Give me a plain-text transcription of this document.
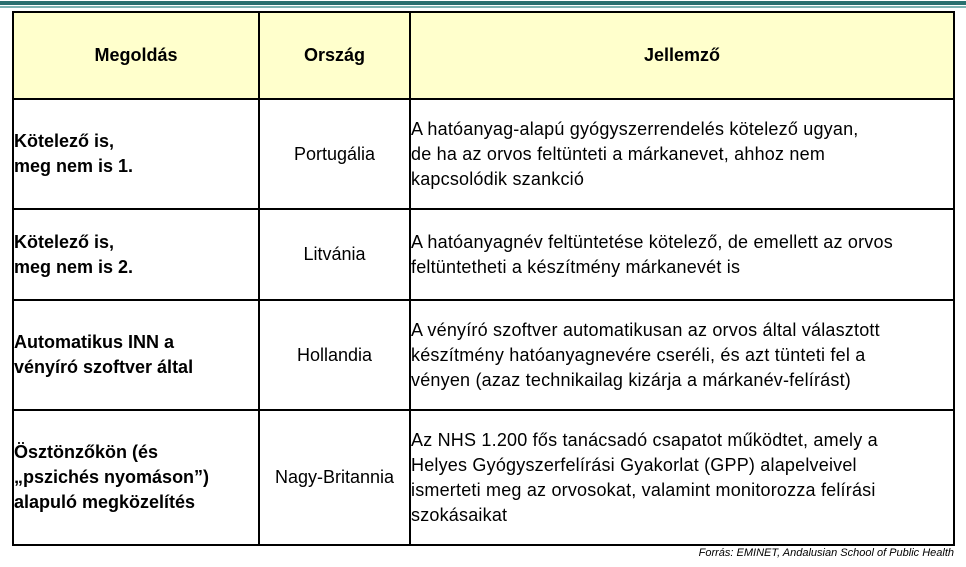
Megoldás	Ország	Jellemző

Kötelező is,
meg nem is 1.	Portugália	A hatóanyag-alapú gyógyszerrendelés kötelező ugyan,
de ha az orvos feltünteti a márkanevet, ahhoz nem
kapcsolódik szankció

Kötelező is,
meg nem is 2.	Litvánia	A hatóanyagnév feltüntetése kötelező, de emellett az orvos
feltüntetheti a készítmény márkanevét is

Automatikus INN a
vényíró szoftver által	Hollandia	A vényíró szoftver automatikusan az orvos által választott
készítmény hatóanyagnevére cseréli, és azt tünteti fel a
vényen (azaz technikailag kizárja a márkanév-felírást)

Ösztönzőkön (és
„pszichés nyomáson”)
alapuló megközelítés	Nagy-Britannia	Az NHS 1.200 fős tanácsadó csapatot működtet, amely a
Helyes Gyógyszerfelírási Gyakorlat (GPP) alapelveivel
ismerteti meg az orvosokat, valamint monitorozza felírási
szokásaikat
Forrás: EMINET, Andalusian School of Public Health
